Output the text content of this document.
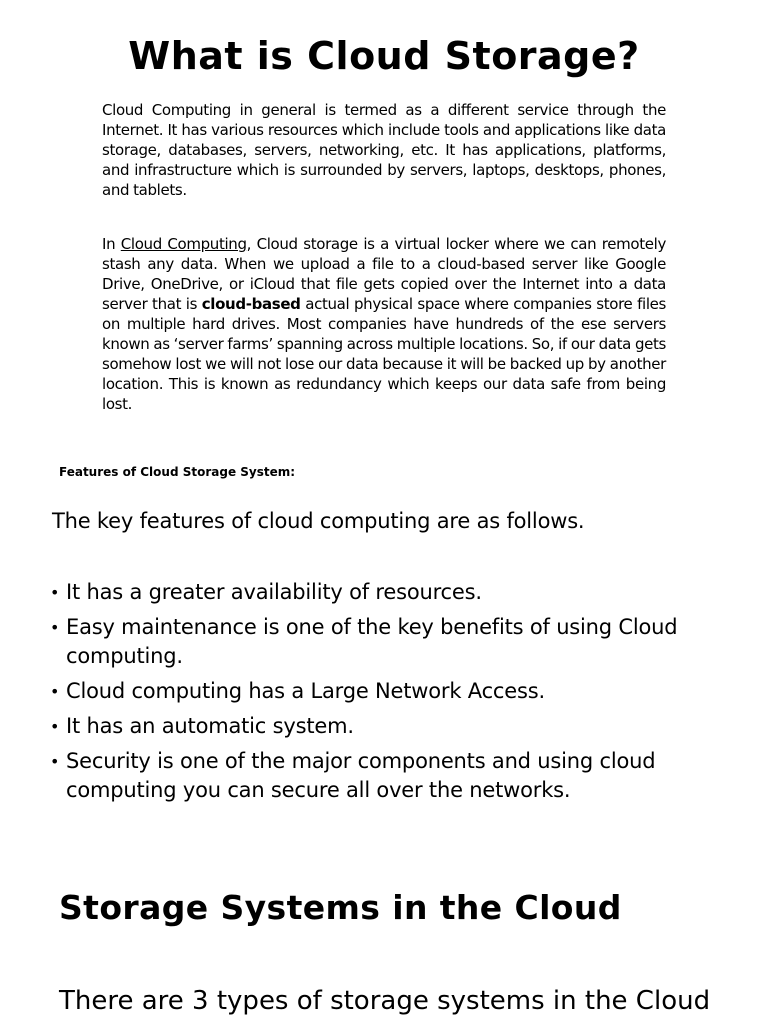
What is Cloud Storage?

Cloud Computing in general is termed as a different service through the Internet. It has various resources which include tools and applications like data storage, databases, servers, networking, etc. It has applications, platforms, and infrastructure which is surrounded by servers, laptops, desktops, phones, and tablets.

In Cloud Computing, Cloud storage is a virtual locker where we can remotely stash any data. When we upload a file to a cloud-based server like Google Drive, OneDrive, or iCloud that file gets copied over the Internet into a data server that is cloud-based actual physical space where companies store files on multiple hard drives. Most companies have hundreds of the ese servers known as ‘server farms’ spanning across multiple locations. So, if our data gets somehow lost we will not lose our data because it will be backed up by another location. This is known as redundancy which keeps our data safe from being lost.

Features of Cloud Storage System:

The key features of cloud computing are as follows.

• It has a greater availability of resources.
• Easy maintenance is one of the key benefits of using Cloud computing.
• Cloud computing has a Large Network Access.
• It has an automatic system.
• Security is one of the major components and using cloud computing you can secure all over the networks.
Storage Systems in the Cloud

There are 3 types of storage systems in the Cloud
